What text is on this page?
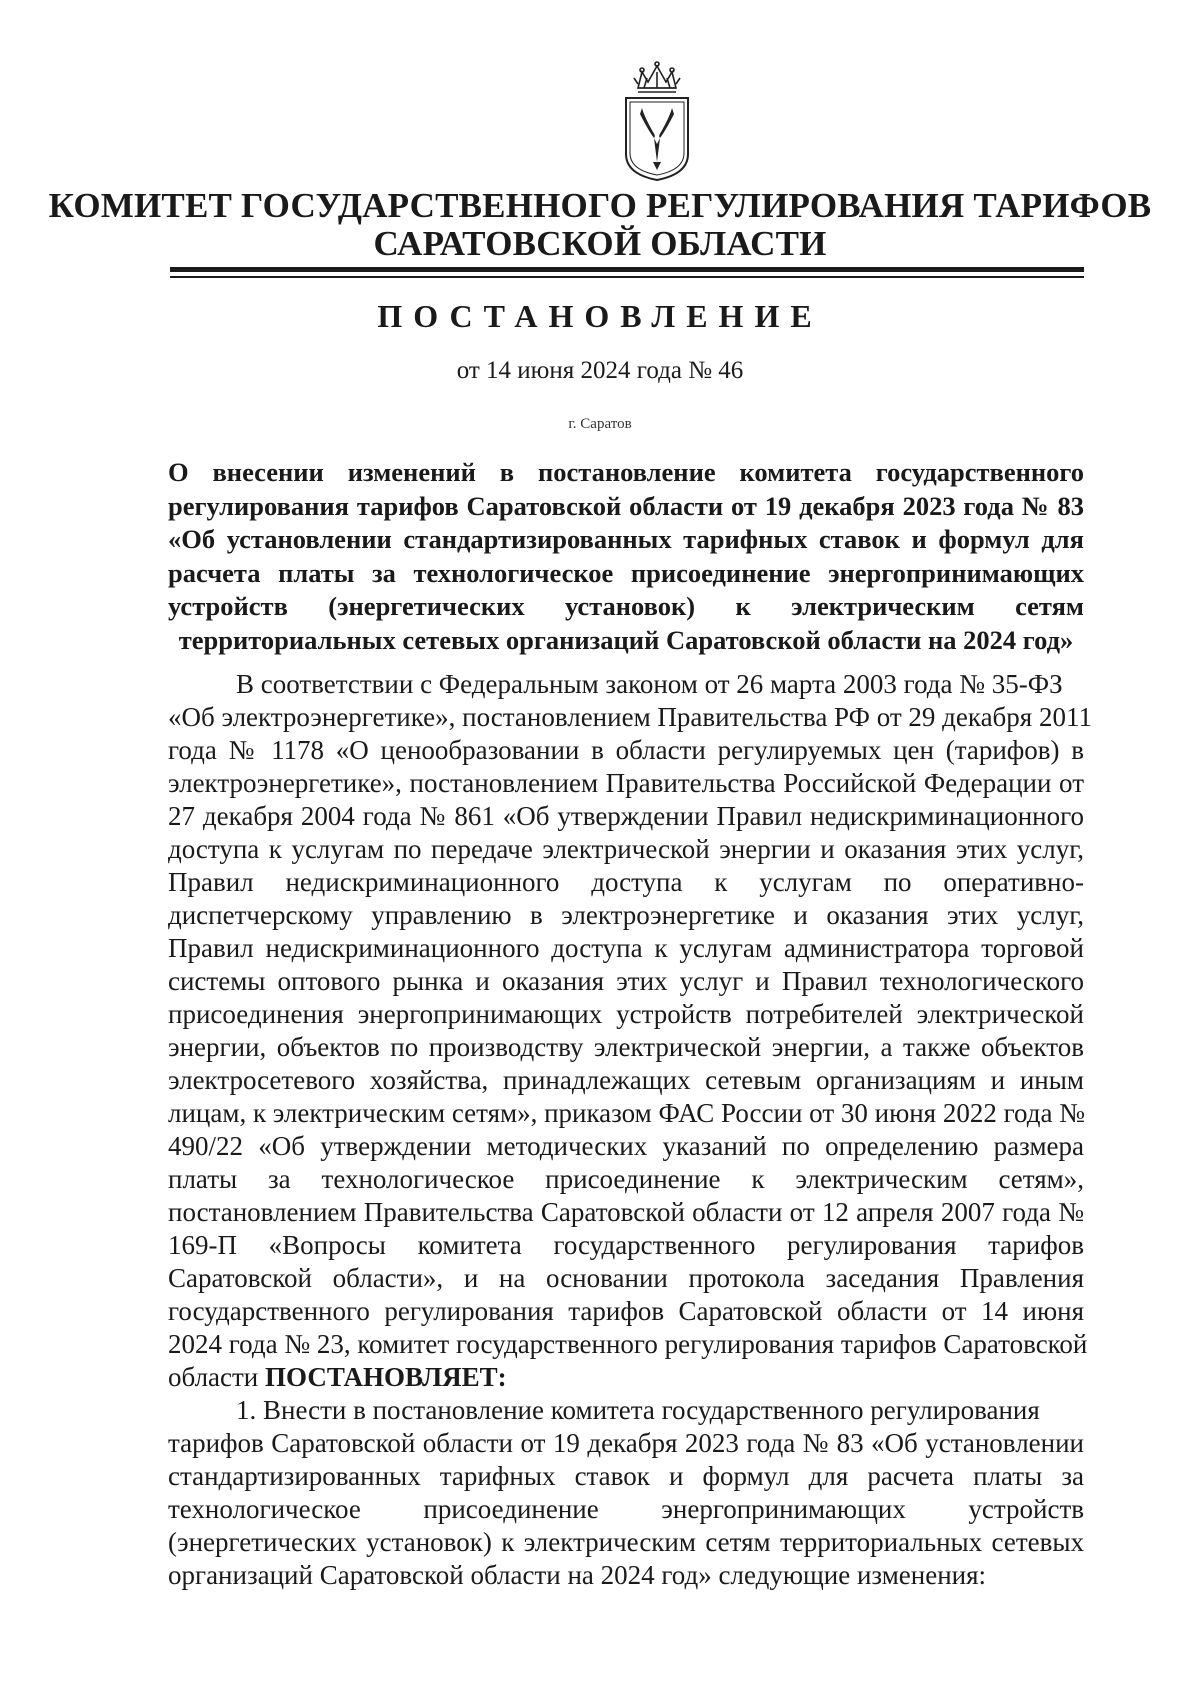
КОМИТЕТ ГОСУДАРСТВЕННОГО РЕГУЛИРОВАНИЯ ТАРИФОВ
САРАТОВСКОЙ ОБЛАСТИ
ПОСТАНОВЛЕНИЕ
от 14 июня 2024 года № 46
г. Саратов
О внесении изменений в постановление комитета государственного
регулирования тарифов Саратовской области от 19 декабря 2023 года № 83
«Об установлении стандартизированных тарифных ставок и формул для
расчета платы за технологическое присоединение энергопринимающих
устройств (энергетических установок) к электрическим сетям
территориальных сетевых организаций Саратовской области на 2024 год»
В соответствии с Федеральным законом от 26 марта 2003 года № 35-ФЗ
«Об электроэнергетике», постановлением Правительства РФ от 29 декабря 2011
года № 1178 «О ценообразовании в области регулируемых цен (тарифов) в
электроэнергетике», постановлением Правительства Российской Федерации от
27 декабря 2004 года № 861 «Об утверждении Правил недискриминационного
доступа к услугам по передаче электрической энергии и оказания этих услуг,
Правил недискриминационного доступа к услугам по оперативно-
диспетчерскому управлению в электроэнергетике и оказания этих услуг,
Правил недискриминационного доступа к услугам администратора торговой
системы оптового рынка и оказания этих услуг и Правил технологического
присоединения энергопринимающих устройств потребителей электрической
энергии, объектов по производству электрической энергии, а также объектов
электросетевого хозяйства, принадлежащих сетевым организациям и иным
лицам, к электрическим сетям», приказом ФАС России от 30 июня 2022 года №
490/22 «Об утверждении методических указаний по определению размера
платы за технологическое присоединение к электрическим сетям»,
постановлением Правительства Саратовской области от 12 апреля 2007 года №
169-П «Вопросы комитета государственного регулирования тарифов
Саратовской области», и на основании протокола заседания Правления
государственного регулирования тарифов Саратовской области от 14 июня
2024 года № 23, комитет государственного регулирования тарифов Саратовской
области ПОСТАНОВЛЯЕТ:
1. Внести в постановление комитета государственного регулирования
тарифов Саратовской области от 19 декабря 2023 года № 83 «Об установлении
стандартизированных тарифных ставок и формул для расчета платы за
технологическое присоединение энергопринимающих устройств
(энергетических установок) к электрическим сетям территориальных сетевых
организаций Саратовской области на 2024 год» следующие изменения:
